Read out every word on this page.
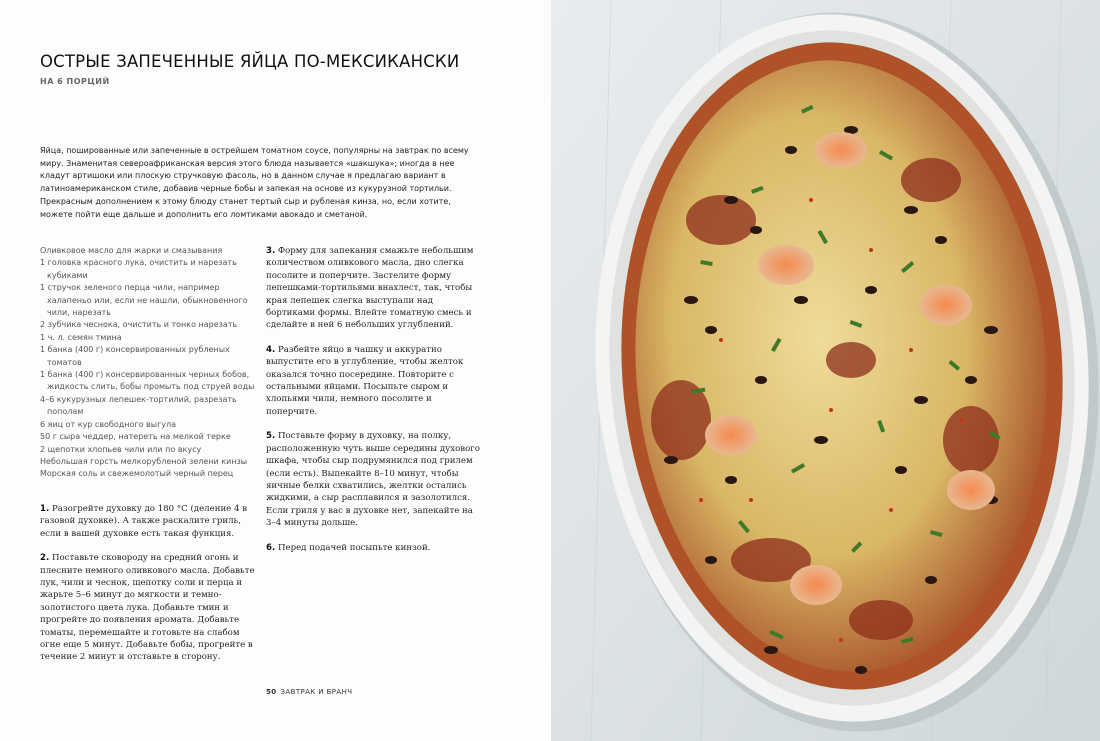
ОСТРЫЕ ЗАПЕЧЕННЫЕ ЯЙЦА ПО-МЕКСИКАНСКИ
НА 6 ПОРЦИЙ

Яйца, пошированные или запеченные в острейшем томатном соусе, популярны на завтрак по всему миру. Знаменитая североафриканская версия этого блюда называется «шакшука»; иногда в нее кладут артишоки или плоскую стручковую фасоль, но в данном случае я предлагаю вариант в латиноамериканском стиле, добавив черные бобы и запекая на основе из кукурузной тортильи. Прекрасным дополнением к этому блюду станет тертый сыр и рубленая кинза, но, если хотите, можете пойти еще дальше и дополнить его ломтиками авокадо и сметаной.

Оливковое масло для жарки и смазывания
1 головка красного лука, очистить и нарезать кубиками
1 стручок зеленого перца чили, например халапеньо или, если не нашли, обыкновенного чили, нарезать
2 зубчика чеснока, очистить и тонко нарезать
1 ч. л. семян тмина
1 банка (400 г) консервированных рубленых томатов
1 банка (400 г) консервированных черных бобов, жидкость слить, бобы промыть под струей воды
4–6 кукурузных лепешек-тортилий, разрезать пополам
6 яиц от кур свободного выгула
50 г сыра чеддер, натереть на мелкой терке
2 щепотки хлопьев чили или по вкусу
Небольшая горсть мелкорубленой зелени кинзы
Морская соль и свежемолотый черный перец

1. Разогрейте духовку до 180 °С (деление 4 в газовой духовке). А также раскалите гриль, если в вашей духовке есть такая функция.

2. Поставьте сковороду на средний огонь и плесните немного оливкового масла. Добавьте лук, чили и чеснок, щепотку соли и перца и жарьте 5–6 минут до мягкости и темно-золотистого цвета лука. Добавьте тмин и прогрейте до появления аромата. Добавьте томаты, перемешайте и готовьте на слабом огне еще 5 минут. Добавьте бобы, прогрейте в течение 2 минут и отставьте в сторону.

3. Форму для запекания смажьте небольшим количеством оливкового масла, дно слегка посолите и поперчите. Застелите форму лепешками-тортильями внахлест, так, чтобы края лепешек слегка выступали над бортиками формы. Влейте томатную смесь и сделайте в ней 6 небольших углублений.

4. Разбейте яйцо в чашку и аккуратно выпустите его в углубление, чтобы желток оказался точно посередине. Повторите с остальными яйцами. Посыпьте сыром и хлопьями чили, немного посолите и поперчите.

5. Поставьте форму в духовку, на полку, расположенную чуть выше середины духового шкафа, чтобы сыр подрумянился под грилем (если есть). Выпекайте 8–10 минут, чтобы яичные белки схватились, желтки остались жидкими, а сыр расплавился и зазолотился. Если гриля у вас в духовке нет, запекайте на 3–4 минуты дольше.

6. Перед подачей посыпьте кинзой.

50 ЗАВТРАК И БРАНЧ
